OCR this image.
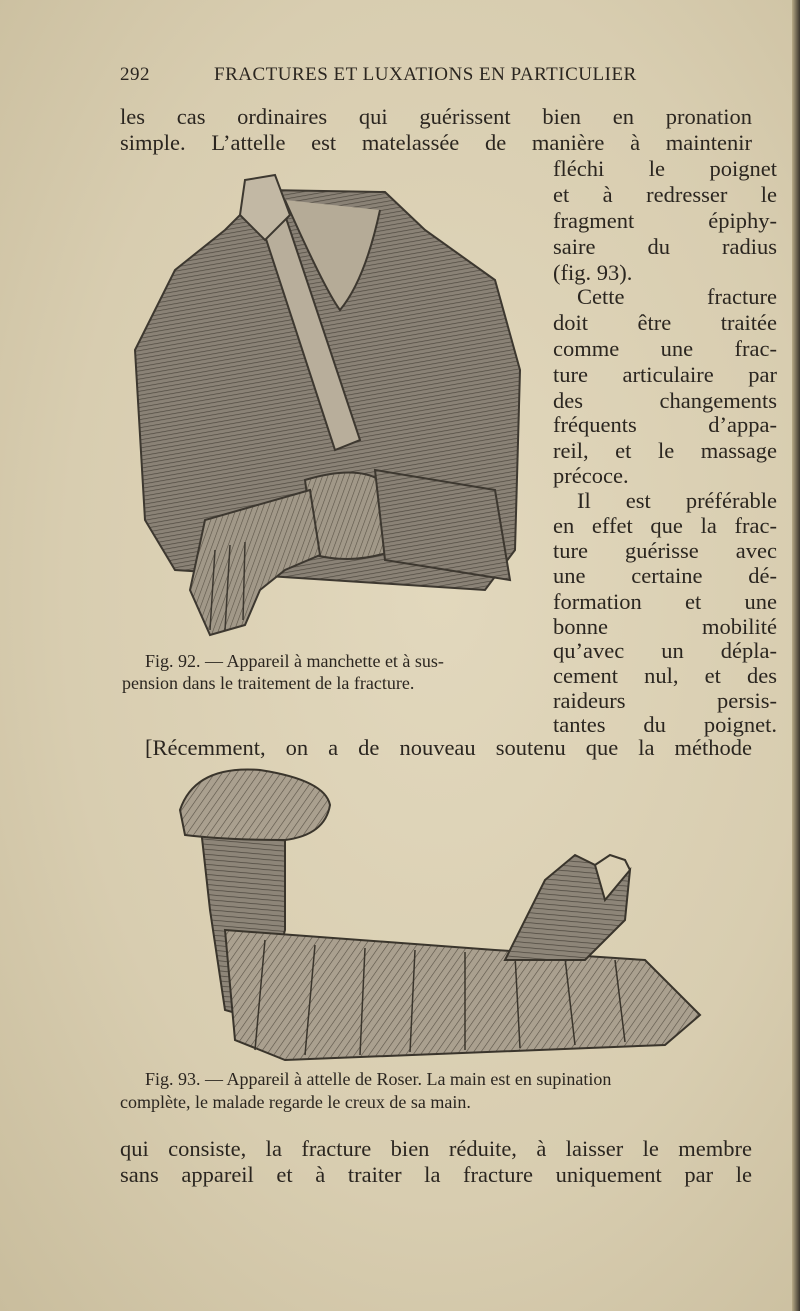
292	FRACTURES ET LUXATIONS EN PARTICULIER
les cas ordinaires qui guérissent bien en pronation
simple. L’attelle est matelassée de manière à maintenir
fléchi le poignet
et à redresser le
fragment épiphy-
saire du radius
(fig. 93).
Cette fracture
doit être traitée
comme une frac-
ture articulaire par
des changements
fréquents d’appa-
reil, et le massage
précoce.
Il est préférable
en effet que la frac-
ture guérisse avec
une certaine dé-
formation et une
bonne mobilité
qu’avec un dépla-
cement nul, et des
raideurs persis-
tantes du poignet.
Fig. 92. — Appareil à manchette et à sus-
pension dans le traitement de la fracture.
[Récemment, on a de nouveau soutenu que la méthode
Fig. 93. — Appareil à attelle de Roser. La main est en supination
complète, le malade regarde le creux de sa main.
qui consiste, la fracture bien réduite, à laisser le membre
sans appareil et à traiter la fracture uniquement par le
